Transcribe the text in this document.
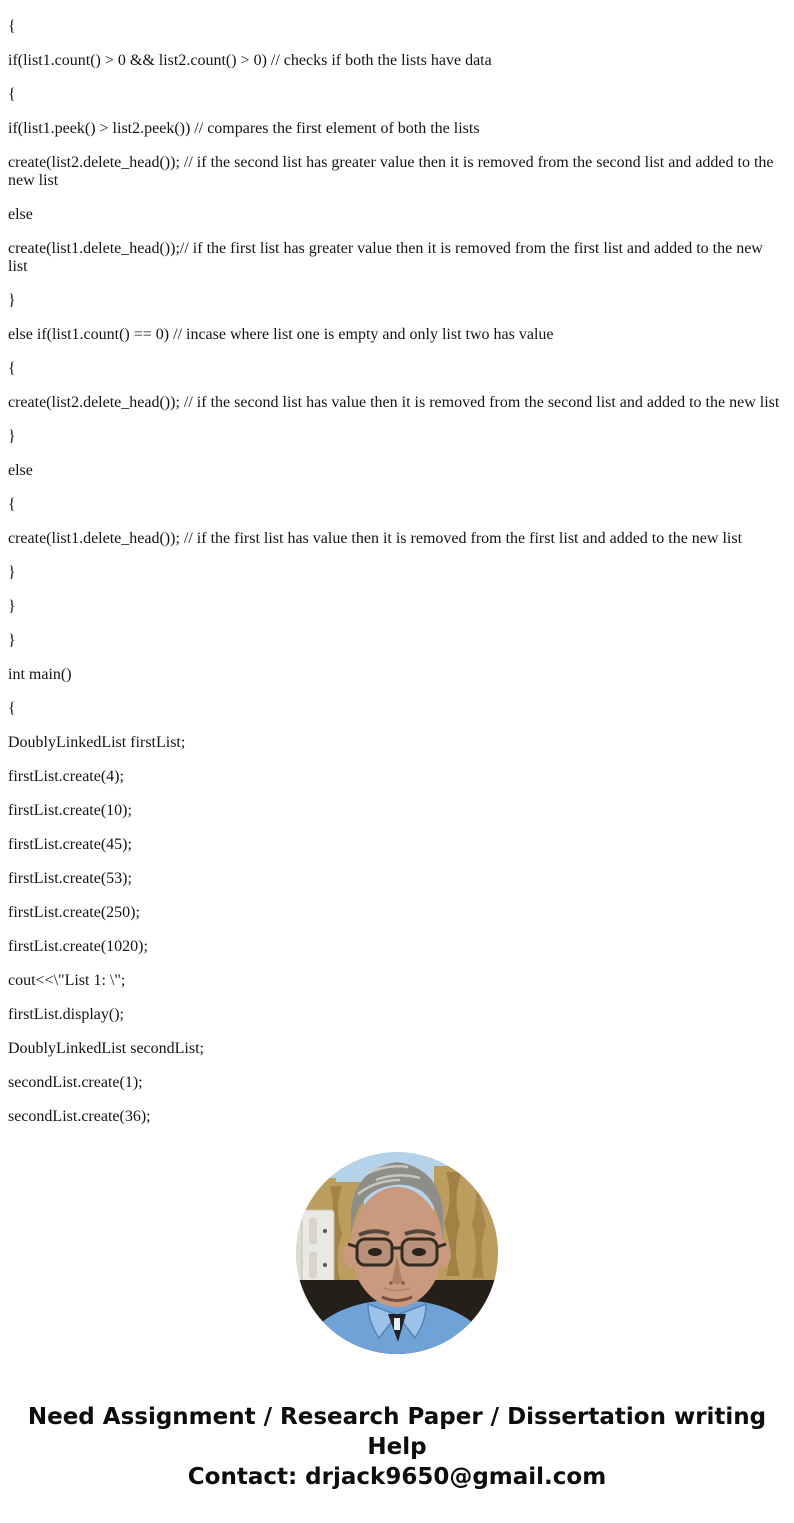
{

if(list1.count() > 0 && list2.count() > 0) // checks if both the lists have data

{

if(list1.peek() > list2.peek()) // compares the first element of both the lists

create(list2.delete_head()); // if the second list has greater value then it is removed from the second list and added to the new list

else

create(list1.delete_head());// if the first list has greater value then it is removed from the first list and added to the new list

}

else if(list1.count() == 0) // incase where list one is empty and only list two has value

{

create(list2.delete_head()); // if the second list has value then it is removed from the second list and added to the new list

}

else

{

create(list1.delete_head()); // if the first list has value then it is removed from the first list and added to the new list

}

}

}

int main()

{

DoublyLinkedList firstList;

firstList.create(4);

firstList.create(10);

firstList.create(45);

firstList.create(53);

firstList.create(250);

firstList.create(1020);

cout<<\"List 1: \";

firstList.display();

DoublyLinkedList secondList;

secondList.create(1);

secondList.create(36);

Need Assignment / Research Paper / Dissertation writing Help
Contact: drjack9650@gmail.com
